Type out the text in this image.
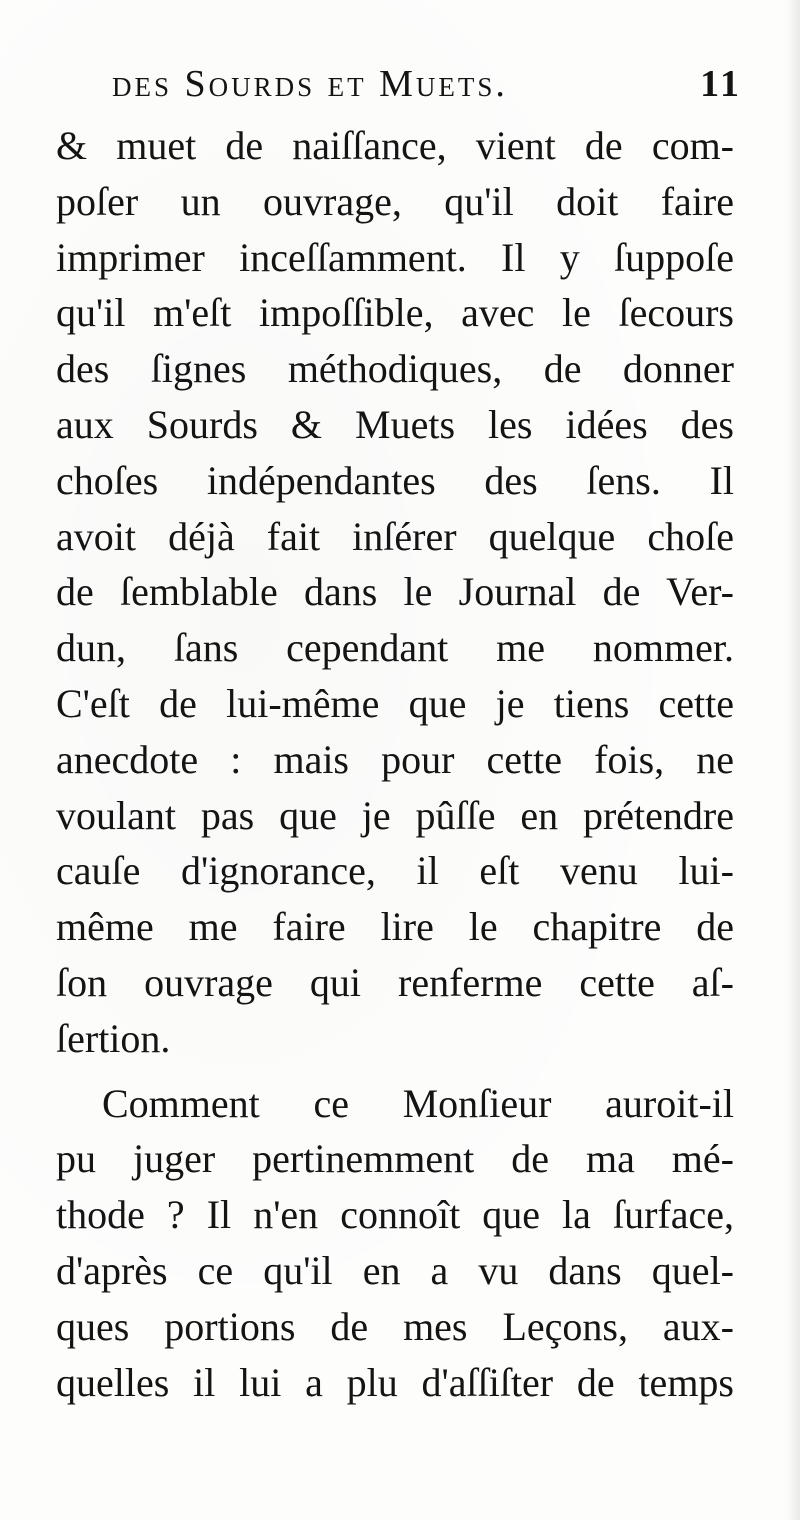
des Sourds et Muets.	11
& muet de naiſſance, vient de com-
poſer un ouvrage, qu'il doit faire
imprimer inceſſamment. Il y ſuppoſe
qu'il m'eſt impoſſible, avec le ſecours
des ſignes méthodiques, de donner
aux Sourds & Muets les idées des
choſes indépendantes des ſens. Il
avoit déjà fait inſérer quelque choſe
de ſemblable dans le Journal de Ver-
dun, ſans cependant me nommer.
C'eſt de lui-même que je tiens cette
anecdote : mais pour cette fois, ne
voulant pas que je pûſſe en prétendre
cauſe d'ignorance, il eſt venu lui-
même me faire lire le chapitre de
ſon ouvrage qui renferme cette aſ-
ſertion.
Comment ce Monſieur auroit-il
pu juger pertinemment de ma mé-
thode ? Il n'en connoît que la ſurface,
d'après ce qu'il en a vu dans quel-
ques portions de mes Leçons, aux-
quelles il lui a plu d'aſſiſter de temps
